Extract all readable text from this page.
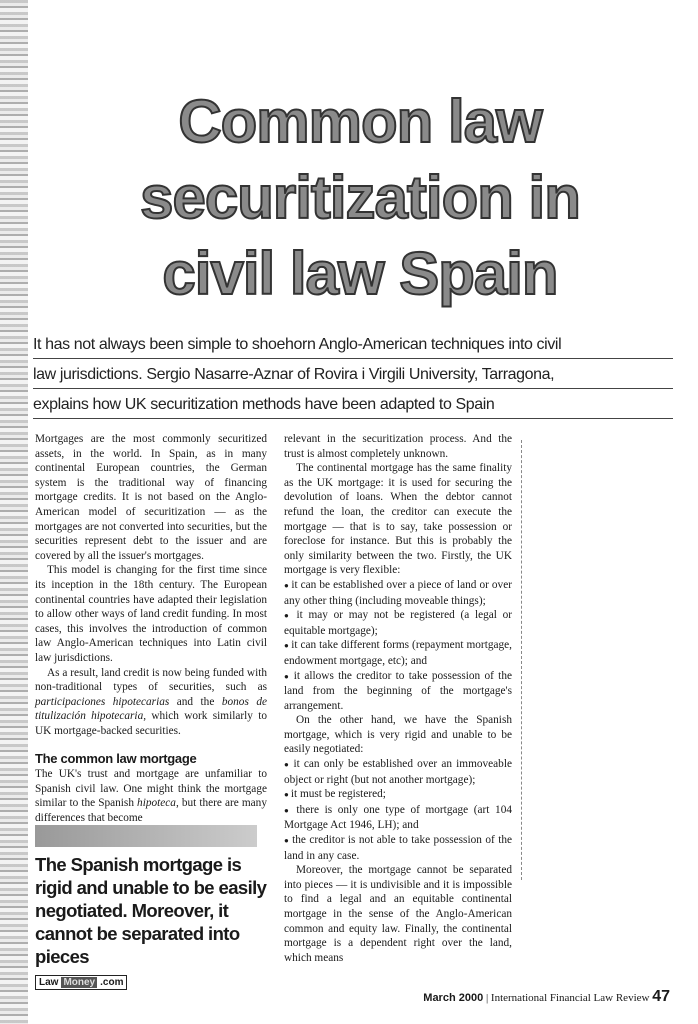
Common law
securitization in
civil law Spain
It has not always been simple to shoehorn Anglo-American techniques into civil
law jurisdictions. Sergio Nasarre-Aznar of Rovira i Virgili University, Tarragona,
explains how UK securitization methods have been adapted to Spain

Mortgages are the most commonly securitized assets, in the world. In Spain, as in many continental European countries, the German system is the traditional way of financing mortgage credits. It is not based on the Anglo-American model of securitization — as the mortgages are not converted into securities, but the securities represent debt to the issuer and are covered by all the issuer's mortgages.

This model is changing for the first time since its inception in the 18th century. The European continental countries have adapted their legislation to allow other ways of land credit funding. In most cases, this involves the introduction of common law Anglo-American techniques into Latin civil law jurisdictions.

As a result, land credit is now being funded with non-traditional types of securities, such as participaciones hipotecarias and the bonos de titulización hipotecaria, which work similarly to UK mortgage-backed securities.

The common law mortgage

The UK's trust and mortgage are unfamiliar to Spanish civil law. One might think the mortgage similar to the Spanish hipoteca, but there are many differences that become

The Spanish mortgage is rigid and unable to be easily negotiated. Moreover, it cannot be separated into pieces

relevant in the securitization process. And the trust is almost completely unknown.

The continental mortgage has the same finality as the UK mortgage: it is used for securing the devolution of loans. When the debtor cannot refund the loan, the creditor can execute the mortgage — that is to say, take possession or foreclose for instance. But this is probably the only similarity between the two. Firstly, the UK mortgage is very flexible:

● it can be established over a piece of land or over any other thing (including moveable things);

● it may or may not be registered (a legal or equitable mortgage);

● it can take different forms (repayment mortgage, endowment mortgage, etc); and

● it allows the creditor to take possession of the land from the beginning of the mortgage's arrangement.

On the other hand, we have the Spanish mortgage, which is very rigid and unable to be easily negotiated:

● it can only be established over an immoveable object or right (but not another mortgage);

● it must be registered;

● there is only one type of mortgage (art 104 Mortgage Act 1946, LH); and

● the creditor is not able to take possession of the land in any case.

Moreover, the mortgage cannot be separated into pieces — it is undivisible and it is impossible to find a legal and an equitable continental mortgage in the sense of the Anglo-American common and equity law. Finally, the continental mortgage is a dependent right over the land, which means

Law Money .com
March 2000 | International Financial Law Review 47
